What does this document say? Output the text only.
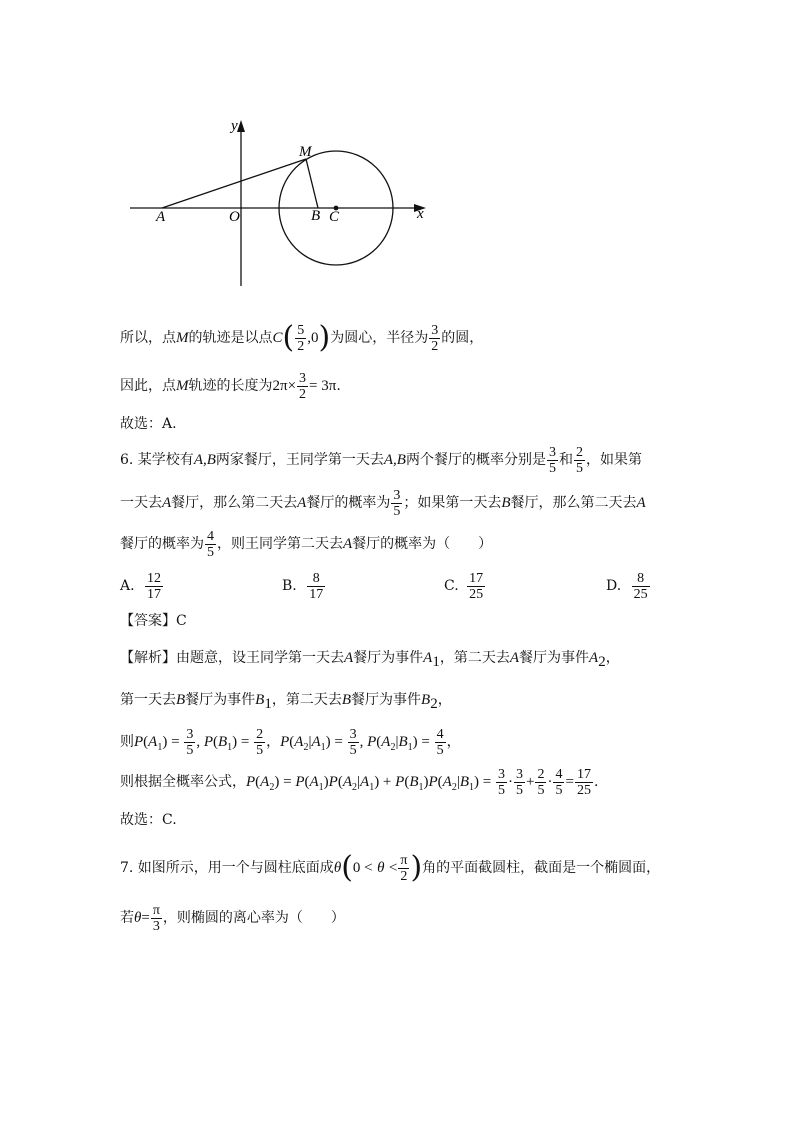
y
x
M
A	O	B C
所以，点M的轨迹是以点$C( \frac{5}{2} ,0)$为圆心，半径为 $\frac{3}{2}$ 的圆，
因此，点M轨迹的长度为$2\pi\times \frac{3}{2} = 3\pi$.
故选：A.
6. 某学校有A,B两家餐厅，王同学第一天去A,B两个餐厅的概率分别是 $\frac{3}{5}$ 和 $\frac{2}{5}$ ，如果第
一天去A餐厅，那么第二天去A餐厅的概率为 $\frac{3}{5}$ ；如果第一天去B餐厅，那么第二天去A
餐厅的概率为 $\frac{4}{5}$ ，则王同学第二天去A餐厅的概率为（　　）
A. $\frac{12}{17}$	B. $\frac{8}{17}$	C. $\frac{17}{25}$	D. $\frac{8}{25}$
【答案】C
【解析】由题意，设王同学第一天去A餐厅为事件$A_1$，第二天去A餐厅为事件$A_2$，
第一天去B餐厅为事件$B_1$，第二天去B餐厅为事件$B_2$，
则$P(A_1) = \frac{3}{5}$ , $P(B_1) = \frac{2}{5}$ ，$P(A_2|A_1) = \frac{3}{5}$ , $P(A_2|B_1) = \frac{4}{5}$ ，
则根据全概率公式，$P(A_2) = P(A_1)P(A_2|A_1) + P(B_1)P(A_2|B_1) = \frac{3}{5} \cdot \frac{3}{5} + \frac{2}{5} \cdot \frac{4}{5} = \frac{17}{25}$ .
故选：C.
7. 如图所示，用一个与圆柱底面成$\theta(0 < \theta < \frac{\pi}{2}$ )角的平面截圆柱，截面是一个椭圆面，
若$\theta= \frac{\pi}{3}$ ，则椭圆的离心率为（　　）
